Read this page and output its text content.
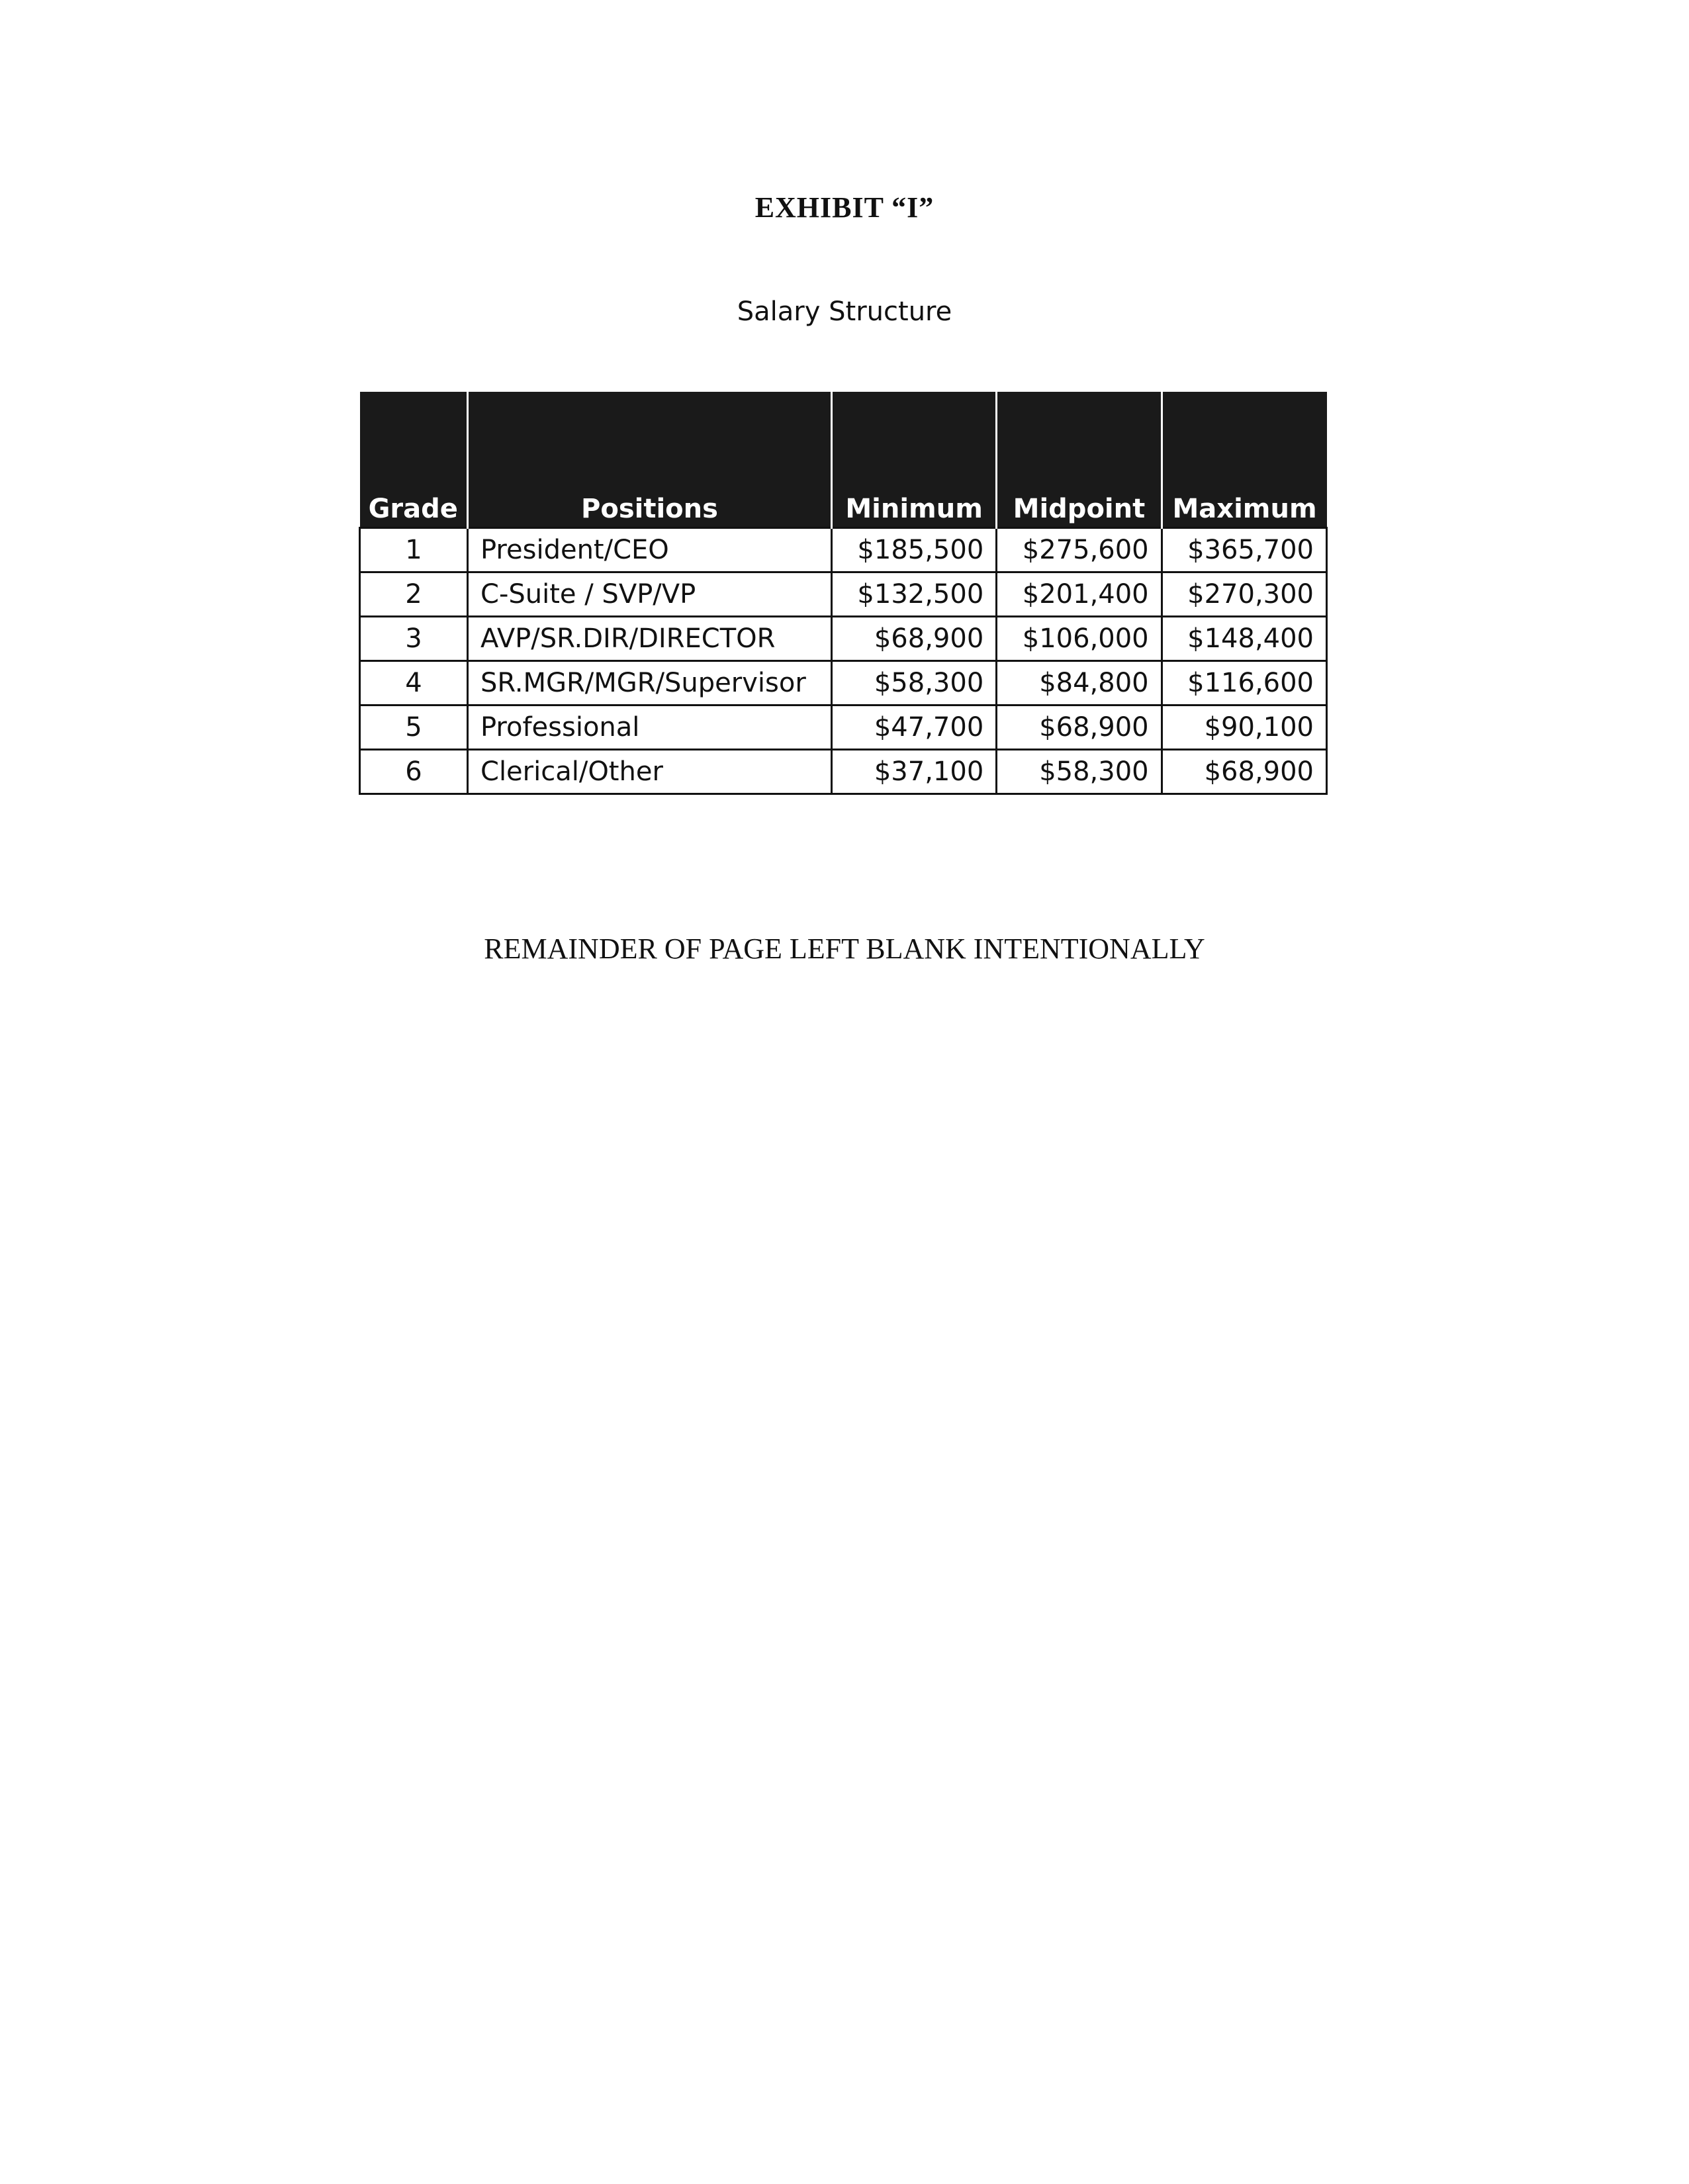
EXHIBIT “I”
Salary Structure
Grade	Positions	Minimum	Midpoint	Maximum
1	President/CEO	$185,500	$275,600	$365,700
2	C-Suite / SVP/VP	$132,500	$201,400	$270,300
3	AVP/SR.DIR/DIRECTOR	$68,900	$106,000	$148,400
4	SR.MGR/MGR/Supervisor	$58,300	$84,800	$116,600
5	Professional	$47,700	$68,900	$90,100
6	Clerical/Other	$37,100	$58,300	$68,900
REMAINDER OF PAGE LEFT BLANK INTENTIONALLY
